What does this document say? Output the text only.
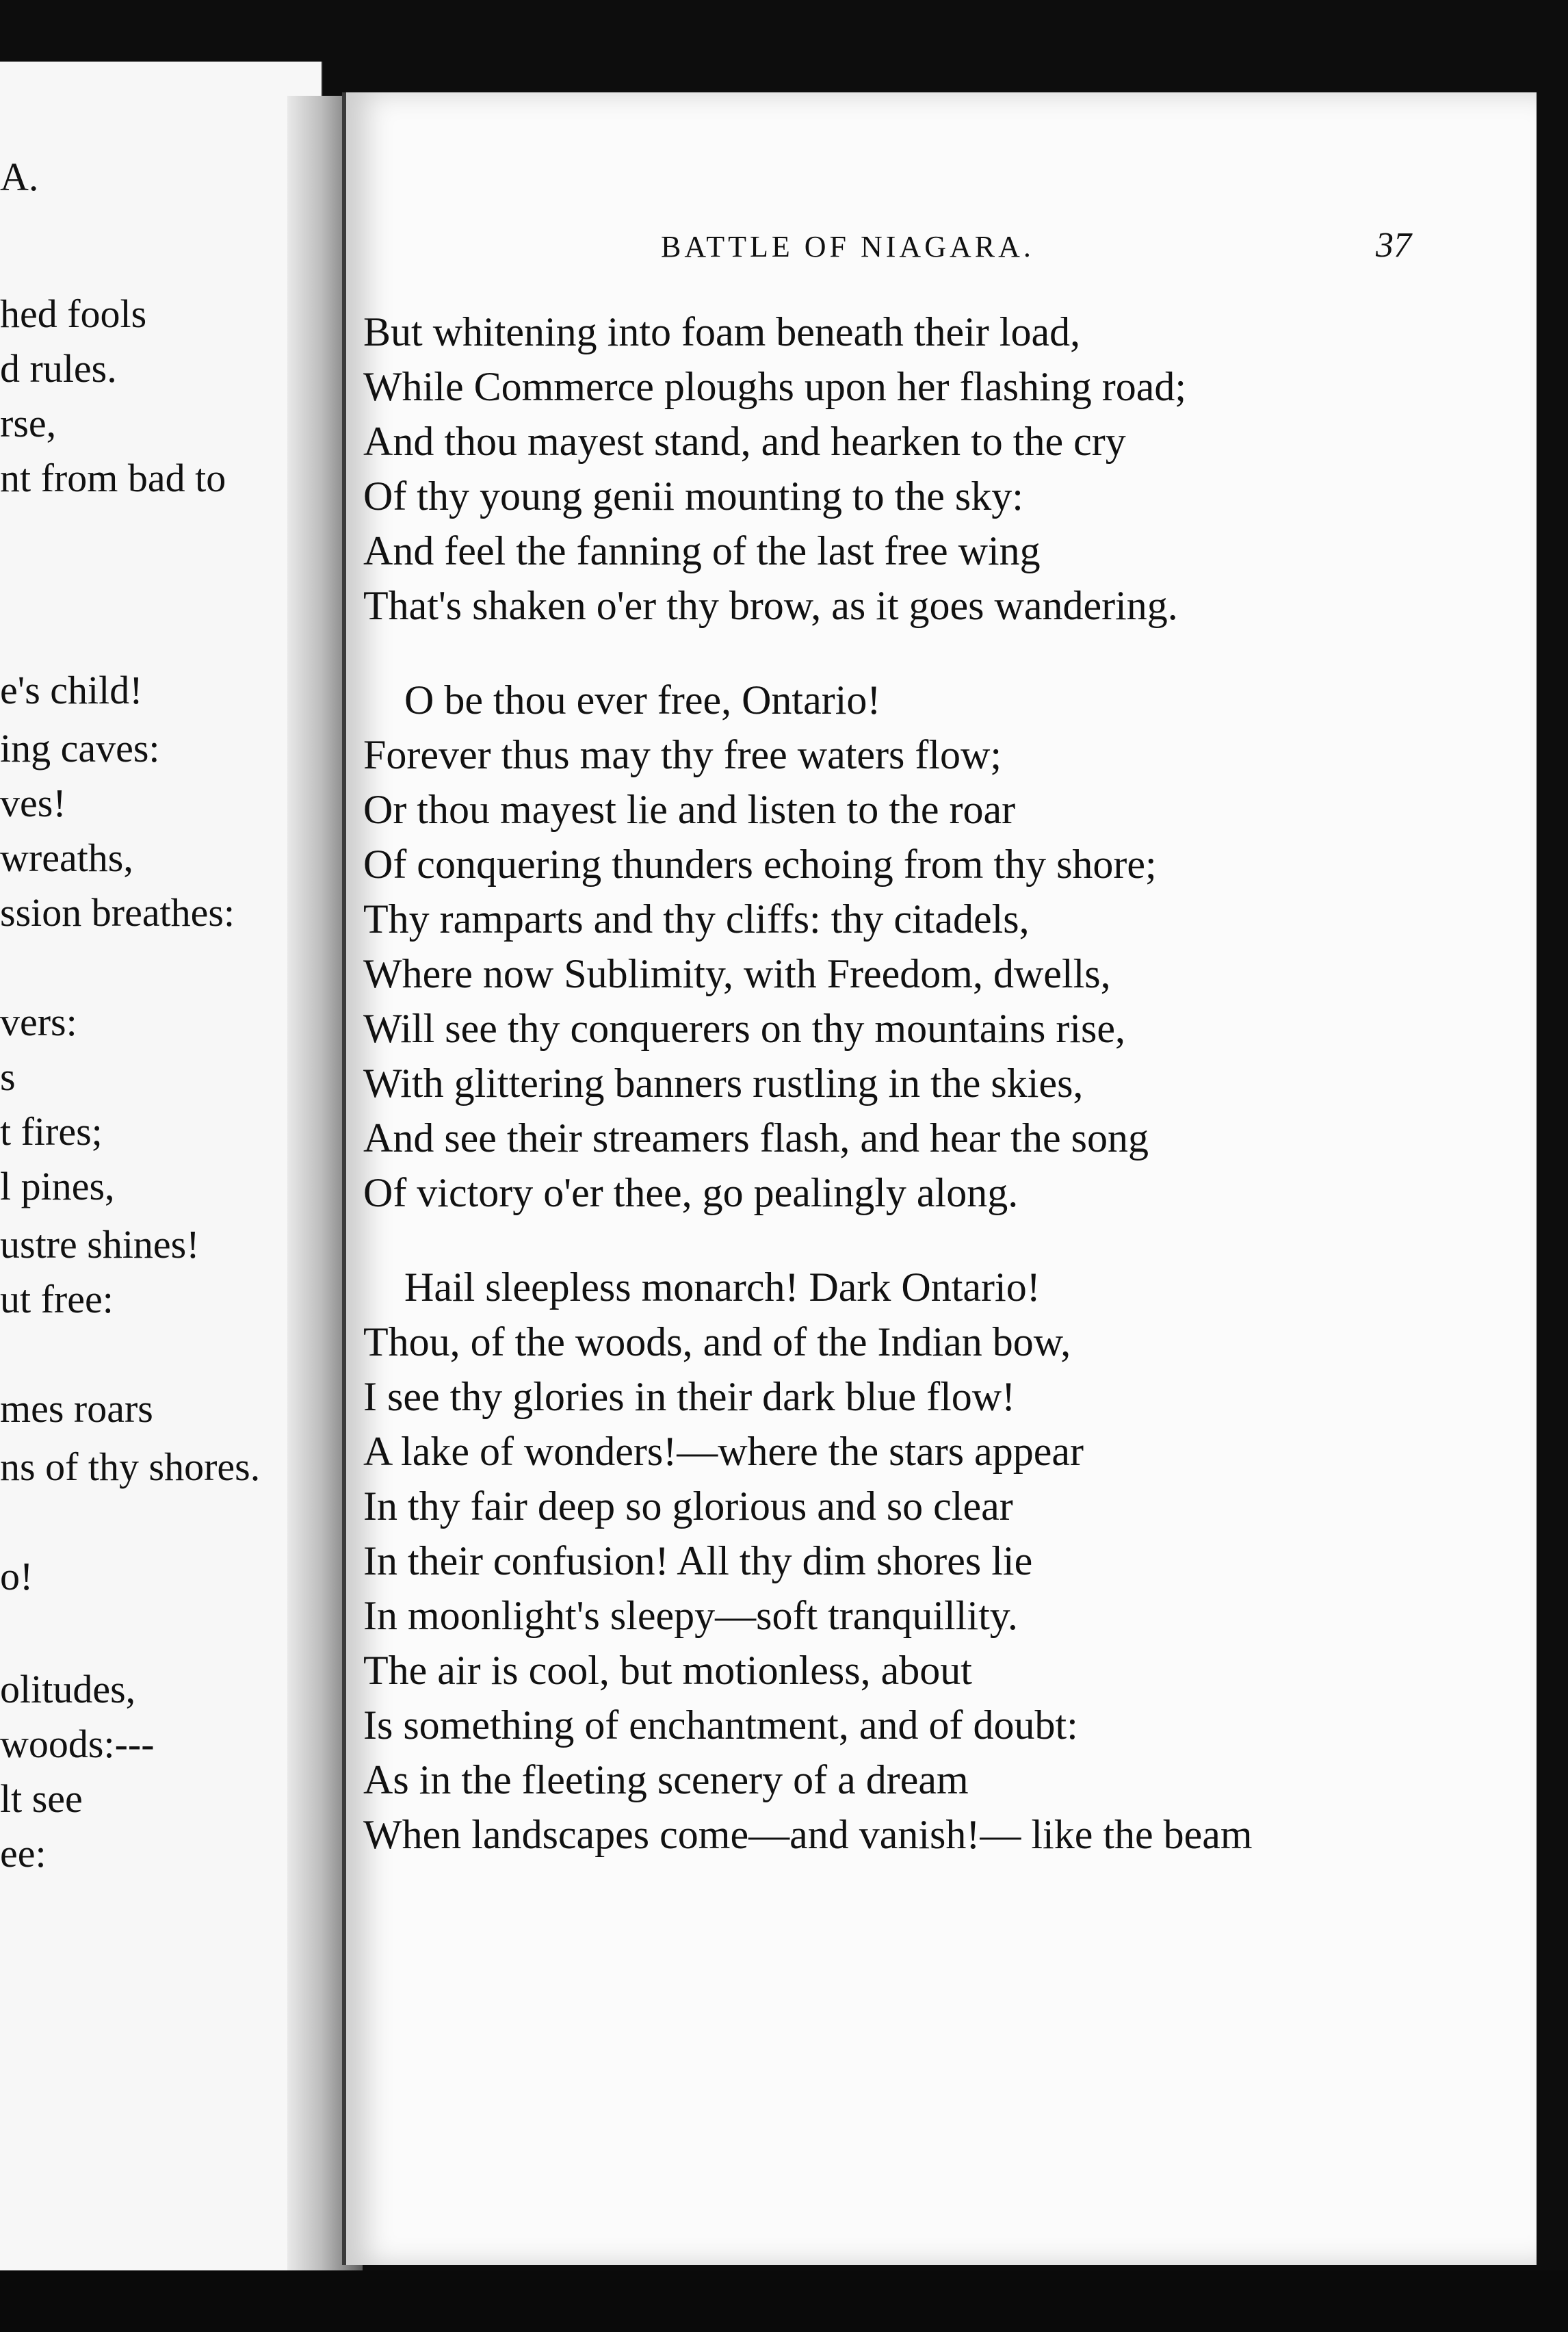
A.
hed fools
d rules.
rse,
nt from bad to
e's child!
ing caves:
ves!
wreaths,
ssion breathes:
vers:
s
t fires;
l pines,
ustre shines!
ut free:
mes roars
ns of thy shores.
o!
olitudes,
woods:---
lt see
ee:
BATTLE OF NIAGARA.	37
But whitening into foam beneath their load,
While Commerce ploughs upon her flashing road;
And thou mayest stand, and hearken to the cry
Of thy young genii mounting to the sky:
And feel the fanning of the last free wing
That's shaken o'er thy brow, as it goes wandering.
O be thou ever free, Ontario!
Forever thus may thy free waters flow;
Or thou mayest lie and listen to the roar
Of conquering thunders echoing from thy shore;
Thy ramparts and thy cliffs: thy citadels,
Where now Sublimity, with Freedom, dwells,
Will see thy conquerers on thy mountains rise,
With glittering banners rustling in the skies,
And see their streamers flash, and hear the song
Of victory o'er thee, go pealingly along.
Hail sleepless monarch! Dark Ontario!
Thou, of the woods, and of the Indian bow,
I see thy glories in their dark blue flow!
A lake of wonders!—where the stars appear
In thy fair deep so glorious and so clear
In their confusion! All thy dim shores lie
In moonlight's sleepy—soft tranquillity.
The air is cool, but motionless, about
Is something of enchantment, and of doubt:
As in the fleeting scenery of a dream
When landscapes come—and vanish!— like the beam
